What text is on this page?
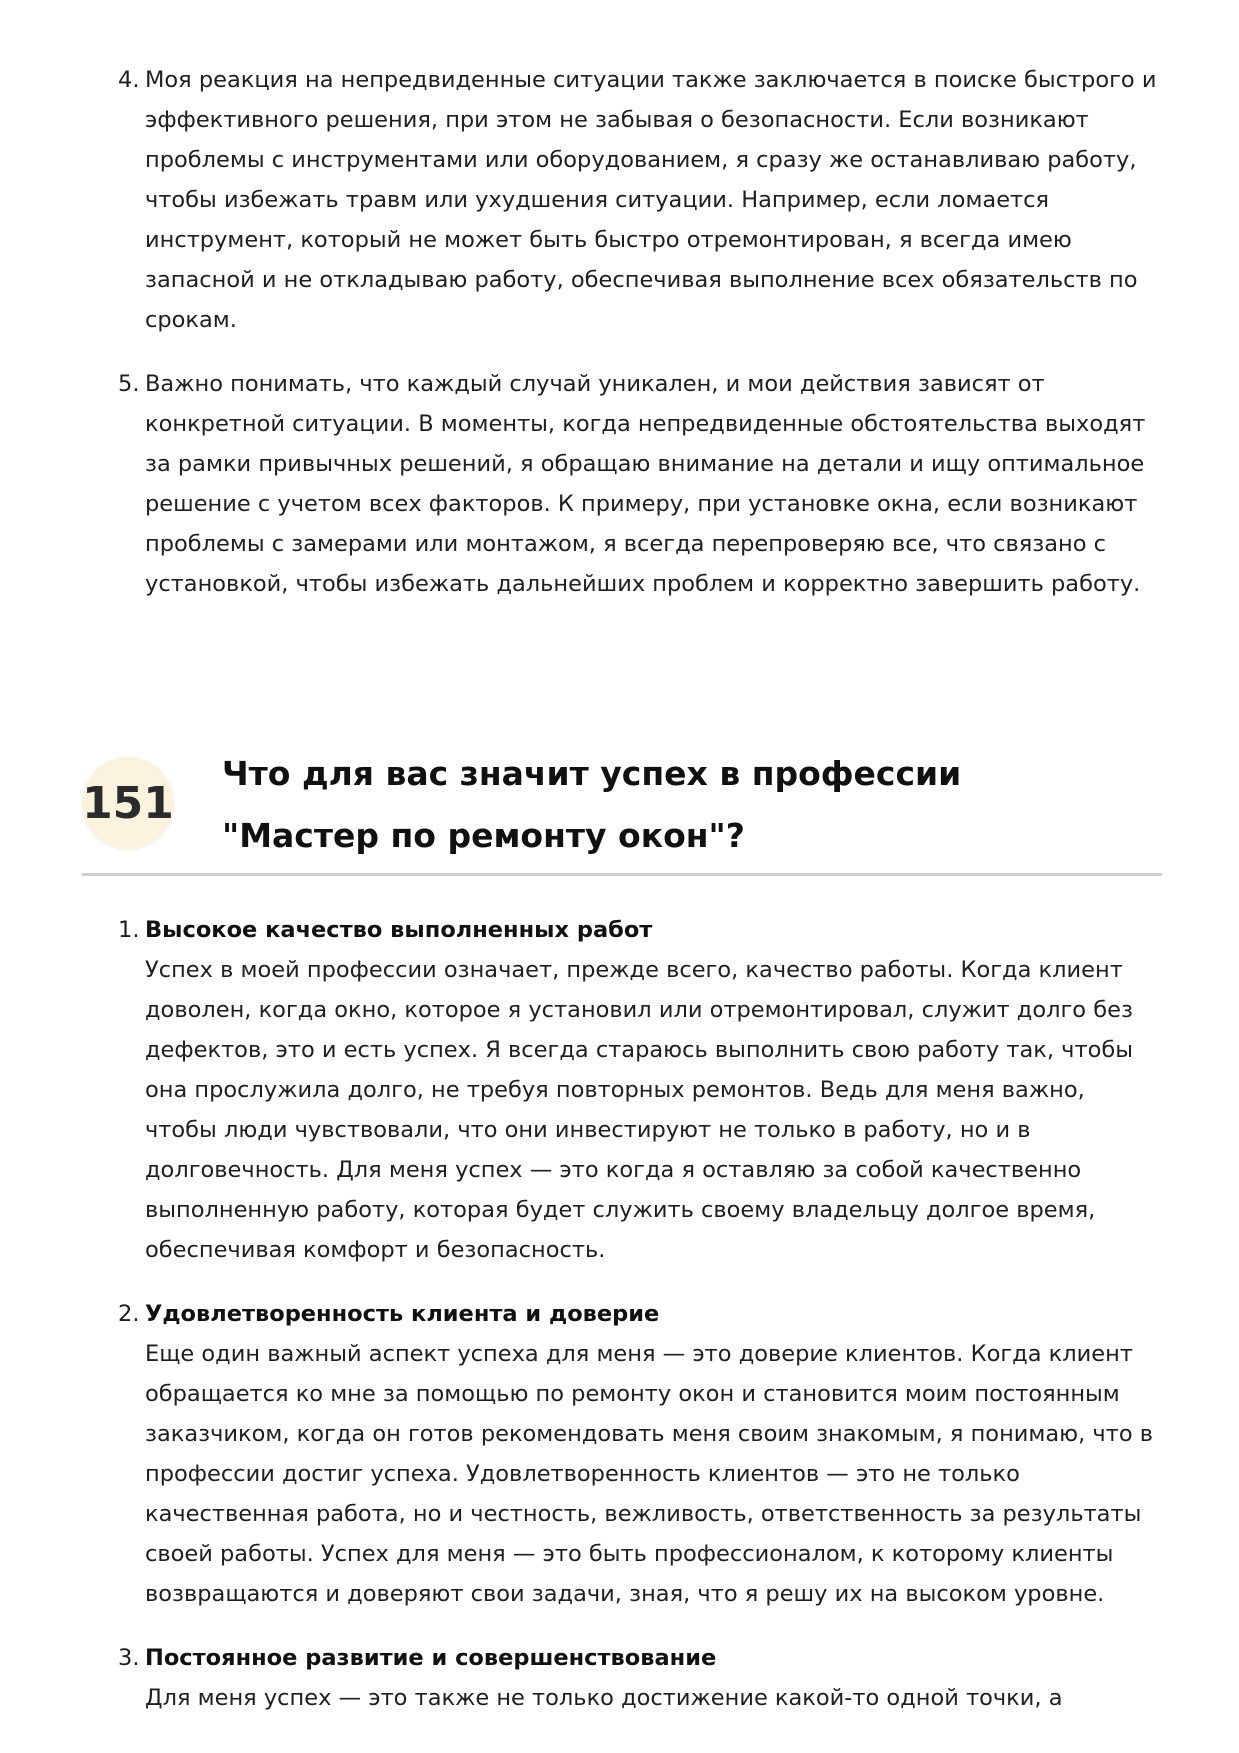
4. Моя реакция на непредвиденные ситуации также заключается в поиске быстрого и эффективного решения, при этом не забывая о безопасности. Если возникают проблемы с инструментами или оборудованием, я сразу же останавливаю работу, чтобы избежать травм или ухудшения ситуации. Например, если ломается инструмент, который не может быть быстро отремонтирован, я всегда имею запасной и не откладываю работу, обеспечивая выполнение всех обязательств по срокам.
5. Важно понимать, что каждый случай уникален, и мои действия зависят от конкретной ситуации. В моменты, когда непредвиденные обстоятельства выходят за рамки привычных решений, я обращаю внимание на детали и ищу оптимальное решение с учетом всех факторов. К примеру, при установке окна, если возникают проблемы с замерами или монтажом, я всегда перепроверяю все, что связано с установкой, чтобы избежать дальнейших проблем и корректно завершить работу.
151
Что для вас значит успех в профессии "Мастер по ремонту окон"?
1. Высокое качество выполненных работ
Успех в моей профессии означает, прежде всего, качество работы. Когда клиент доволен, когда окно, которое я установил или отремонтировал, служит долго без дефектов, это и есть успех. Я всегда стараюсь выполнить свою работу так, чтобы она прослужила долго, не требуя повторных ремонтов. Ведь для меня важно, чтобы люди чувствовали, что они инвестируют не только в работу, но и в долговечность. Для меня успех — это когда я оставляю за собой качественно выполненную работу, которая будет служить своему владельцу долгое время, обеспечивая комфорт и безопасность.
2. Удовлетворенность клиента и доверие
Еще один важный аспект успеха для меня — это доверие клиентов. Когда клиент обращается ко мне за помощью по ремонту окон и становится моим постоянным заказчиком, когда он готов рекомендовать меня своим знакомым, я понимаю, что в профессии достиг успеха. Удовлетворенность клиентов — это не только качественная работа, но и честность, вежливость, ответственность за результаты своей работы. Успех для меня — это быть профессионалом, к которому клиенты возвращаются и доверяют свои задачи, зная, что я решу их на высоком уровне.
3. Постоянное развитие и совершенствование
Для меня успех — это также не только достижение какой-то одной точки, а
